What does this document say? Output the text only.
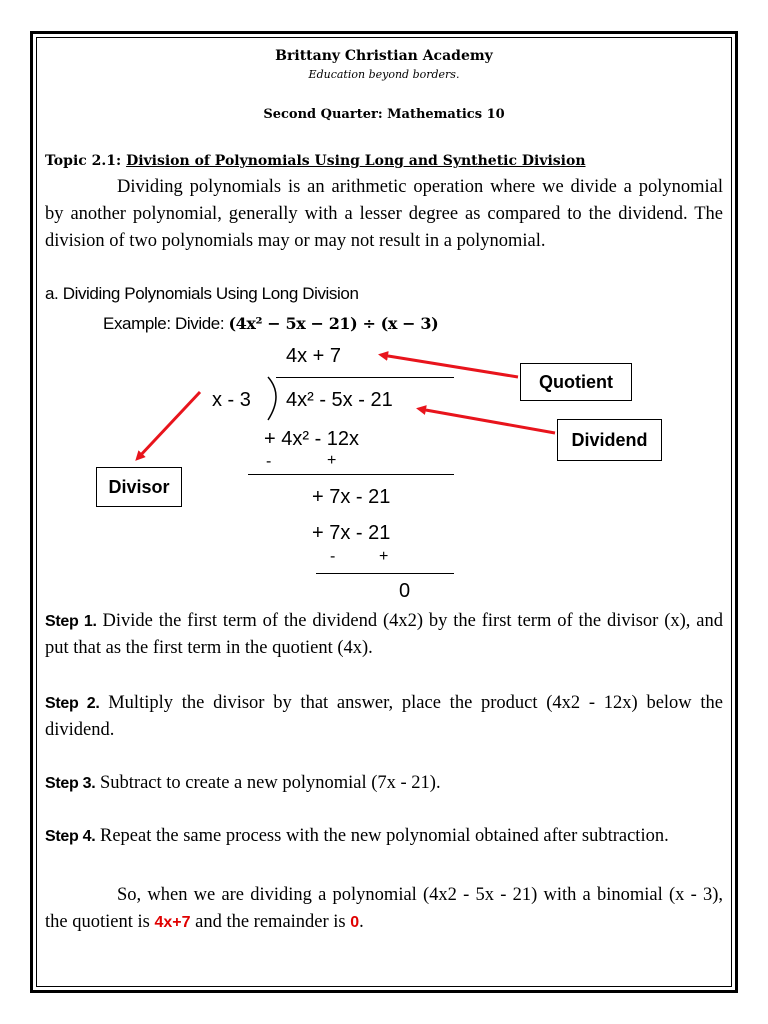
Brittany Christian Academy
Education beyond borders.
Second Quarter: Mathematics 10
Topic 2.1: Division of Polynomials Using Long and Synthetic Division
Dividing polynomials is an arithmetic operation where we divide a polynomial by another polynomial, generally with a lesser degree as compared to the dividend. The division of two polynomials may or may not result in a polynomial.
a. Dividing Polynomials Using Long Division
Example: Divide: (4x² − 5x − 21) ÷ (x − 3)
4x + 7
x - 3 4x² - 5x - 21
+ 4x² - 12x
-	+
+ 7x - 21
+ 7x - 21
-	+
0
Quotient
Dividend
Divisor
Step 1. Divide the first term of the dividend (4x2) by the first term of the divisor (x), and put that as the first term in the quotient (4x).
Step 2. Multiply the divisor by that answer, place the product (4x2 - 12x) below the dividend.
Step 3. Subtract to create a new polynomial (7x - 21).
Step 4. Repeat the same process with the new polynomial obtained after subtraction.
So, when we are dividing a polynomial (4x2 - 5x - 21) with a binomial (x - 3), the quotient is 4x+7 and the remainder is 0.
